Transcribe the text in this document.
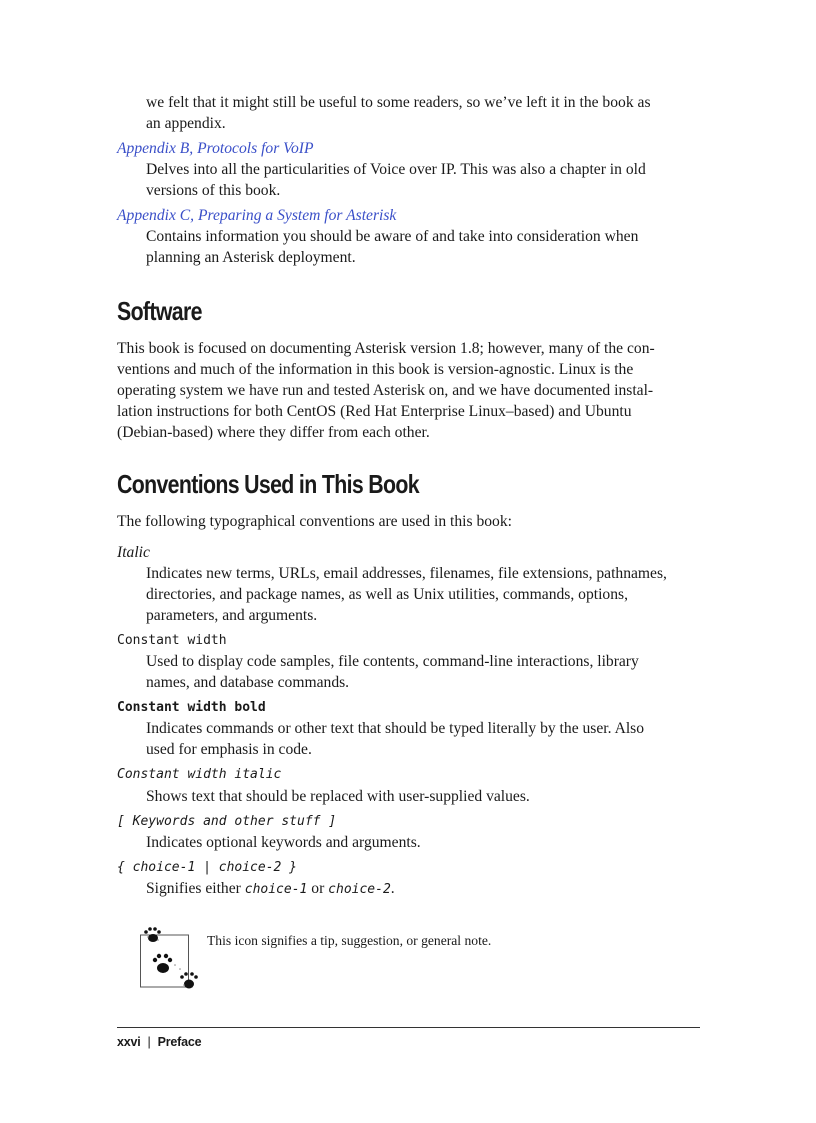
we felt that it might still be useful to some readers, so we’ve left it in the book as

an appendix.

Appendix B, Protocols for VoIP

Delves into all the particularities of Voice over IP. This was also a chapter in old

versions of this book.

Appendix C, Preparing a System for Asterisk

Contains information you should be aware of and take into consideration when

planning an Asterisk deployment.

Software

This book is focused on documenting Asterisk version 1.8; however, many of the con-

ventions and much of the information in this book is version-agnostic. Linux is the

operating system we have run and tested Asterisk on, and we have documented instal-

lation instructions for both CentOS (Red Hat Enterprise Linux–based) and Ubuntu

(Debian-based) where they differ from each other.

Conventions Used in This Book

The following typographical conventions are used in this book:

Italic

Indicates new terms, URLs, email addresses, filenames, file extensions, pathnames,

directories, and package names, as well as Unix utilities, commands, options,

parameters, and arguments.

Constant width

Used to display code samples, file contents, command-line interactions, library

names, and database commands.

Constant width bold

Indicates commands or other text that should be typed literally by the user. Also

used for emphasis in code.

Constant width italic

Shows text that should be replaced with user-supplied values.

[ Keywords and other stuff ]

Indicates optional keywords and arguments.

{ choice-1 | choice-2 }

Signifies either choice-1 or choice-2.

This icon signifies a tip, suggestion, or general note.

xxvi | Preface
